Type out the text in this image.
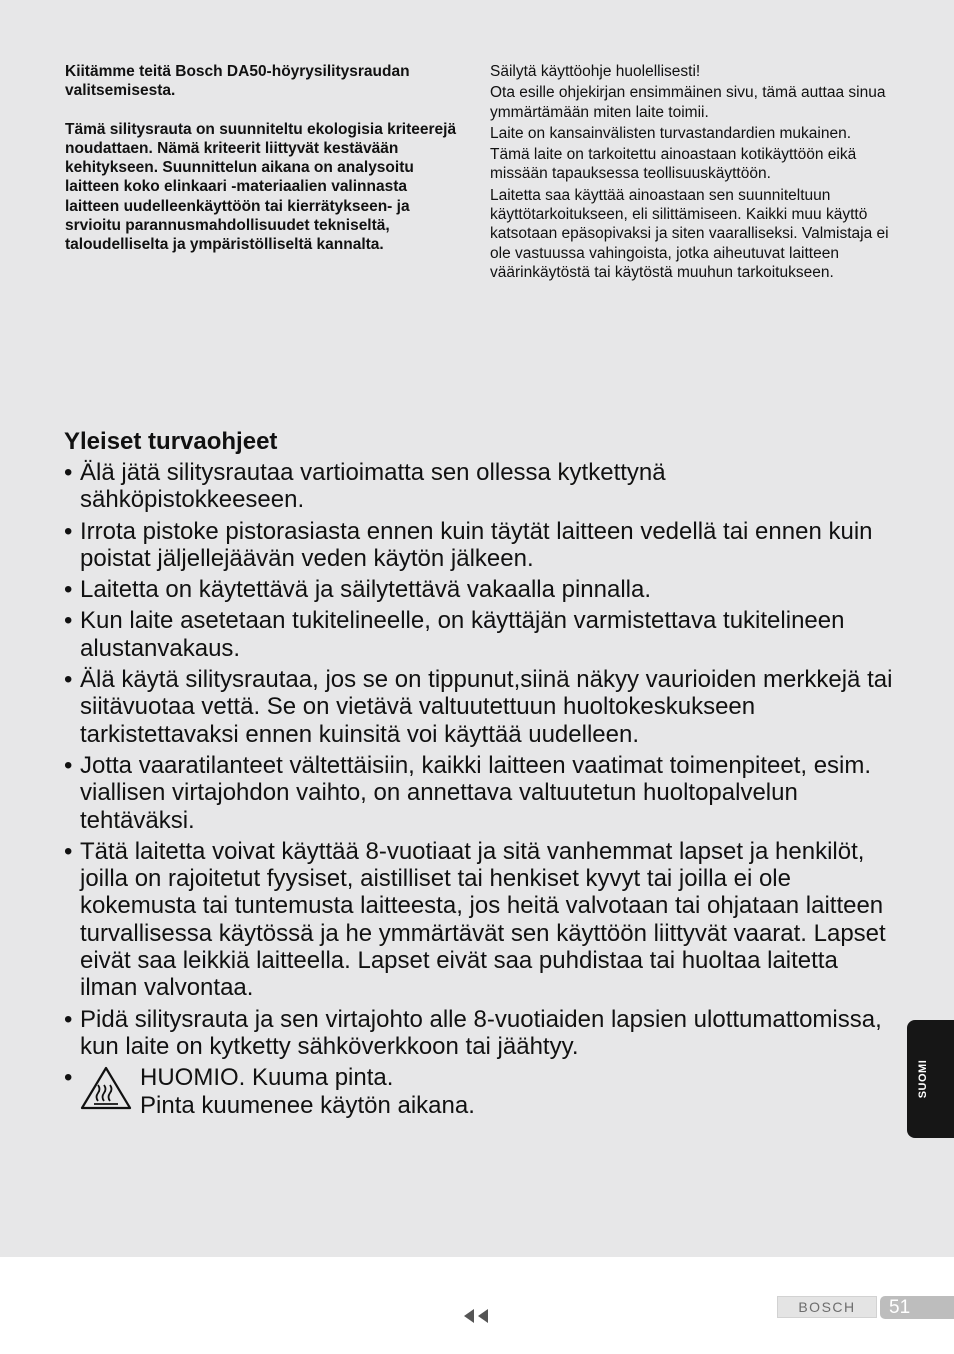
Kiitämme teitä Bosch DA50-höyrysilitysraudan valitsemisesta.

Tämä silitysrauta on suunniteltu ekologisia kriteerejä noudattaen. Nämä kriteerit liittyvät kestävään kehitykseen. Suunnittelun aikana on analysoitu laitteen koko elinkaari -materiaalien valinnasta laitteen uudelleenkäyttöön tai kierrätykseen- ja srvioitu parannusmahdollisuudet tekniseltä, taloudelliselta ja ympäristölliseltä kannalta.

Säilytä käyttöohje huolellisesti!

Ota esille ohjekirjan ensimmäinen sivu, tämä auttaa sinua ymmärtämään miten laite toimii.

Laite on kansainvälisten turvastandardien mukainen.

Tämä laite on tarkoitettu ainoastaan kotikäyttöön eikä missään tapauksessa teollisuuskäyttöön.

Laitetta saa käyttää ainoastaan sen suunniteltuun käyttötarkoitukseen, eli silittämiseen. Kaikki muu käyttö katsotaan epäsopivaksi ja siten vaaralliseksi. Valmistaja ei ole vastuussa vahingoista, jotka aiheutuvat laitteen väärinkäytöstä tai käytöstä muuhun tarkoitukseen.

Yleiset turvaohjeet
• Älä jätä silitysrautaa vartioimatta sen ollessa kytkettynä sähköpistokkeeseen.
• Irrota pistoke pistorasiasta ennen kuin täytät laitteen vedellä tai ennen kuin poistat jäljellejäävän veden käytön jälkeen.
• Laitetta on käytettävä ja säilytettävä vakaalla pinnalla.
• Kun laite asetetaan tukitelineelle, on käyttäjän varmistettava tukitelineen alustanvakaus.
• Älä käytä silitysrautaa, jos se on tippunut,siinä näkyy vaurioiden merkkejä tai siitävuotaa vettä. Se on vietävä valtuutettuun huoltokeskukseen tarkistettavaksi ennen kuinsitä voi käyttää uudelleen.
• Jotta vaaratilanteet vältettäisiin, kaikki laitteen vaatimat toimenpiteet, esim. viallisen virtajohdon vaihto, on annettava valtuutetun huoltopalvelun tehtäväksi.
• Tätä laitetta voivat käyttää 8-vuotiaat ja sitä vanhemmat lapset ja henkilöt, joilla on rajoitetut fyysiset, aistilliset tai henkiset kyvyt tai joilla ei ole kokemusta tai tuntemusta laitteesta, jos heitä valvotaan tai ohjataan laitteen turvallisessa käytössä ja he ymmärtävät sen käyttöön liittyvät vaarat. Lapset eivät saa leikkiä laitteella. Lapset eivät saa puhdistaa tai huoltaa laitetta ilman valvontaa.
• Pidä silitysrauta ja sen virtajohto alle 8-vuotiaiden lapsien ulottumattomissa, kun laite on kytketty sähköverkkoon tai jäähtyy.
•	HUOMIO. Kuuma pinta.
Pinta kuumenee käytön aikana.
SUOMI
BOSCH	51
